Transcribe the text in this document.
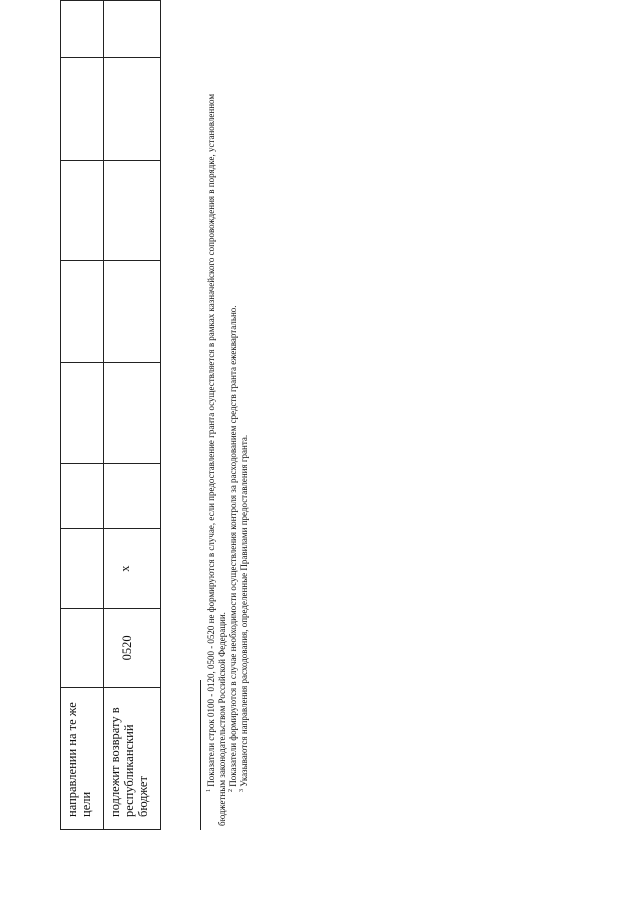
направлении на те же цели								

подлежит возврату в республиканский бюджет	0520	x						

$^1$ Показатели строк 0100 - 0120, 0500 - 0520 не формируются в случае, если предоставление гранта осуществляется в рамках казначейского сопровождения в порядке, установленном бюджетным законодательством Российской Федерации. $^2$ Показатели формируются в случае необходимости осуществления контроля за расходованием средств гранта ежеквартально.

$^3$ Указываются направления расходования, определенные Правилами предоставления гранта.
